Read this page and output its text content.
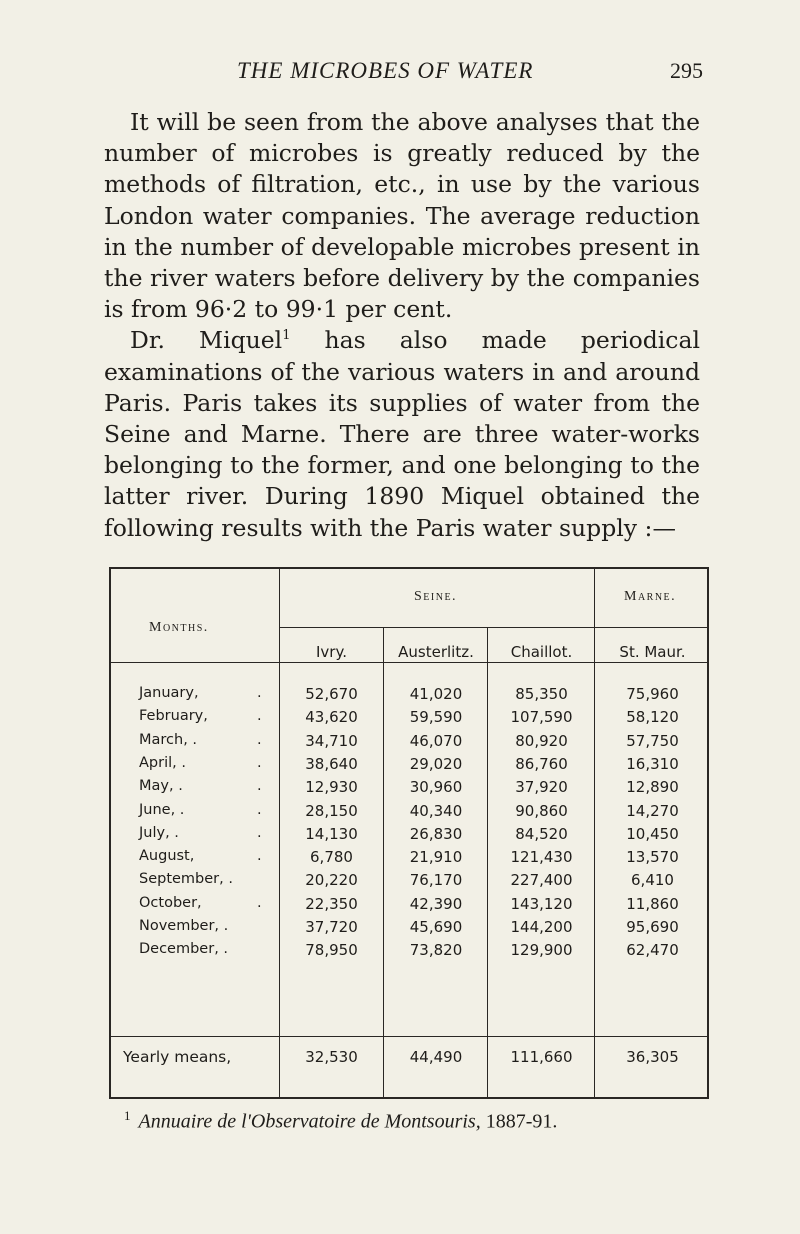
THE MICROBES OF WATER	295

It will be seen from the above analyses that the number of microbes is greatly reduced by the methods of filtration, etc., in use by the various London water companies. The average reduction in the number of developable microbes present in the river waters before delivery by the companies is from 96·2 to 99·1 per cent.

Dr. Miquel$^1$ has also made periodical examinations of the various waters in and around Paris. Paris takes its supplies of water from the Seine and Marne. There are three water-works belonging to the former, and one belonging to the latter river. During 1890 Miquel obtained the following results with the Paris water supply :—

Months.
Seine.	Marne.
Ivry.	Austerlitz.	Chaillot.	St. Maur.
January,	.	52,670	41,020	85,350	75,960
February,	.	43,620	59,590	107,590	58,120
March, .	.	34,710	46,070	80,920	57,750
April, .	.	38,640	29,020	86,760	16,310
May, .	.	12,930	30,960	37,920	12,890
June, .	.	28,150	40,340	90,860	14,270
July, .	.	14,130	26,830	84,520	10,450
August,	.	6,780	21,910	121,430	13,570
September, .	20,220	76,170	227,400	6,410
October,	.	22,350	42,390	143,120	11,860
November, .	37,720	45,690	144,200	95,690
December, .	78,950	73,820	129,900	62,470
Yearly means,	32,530	44,490	111,660	36,305
$^1$ Annuaire de l'Observatoire de Montsouris, 1887-91.
